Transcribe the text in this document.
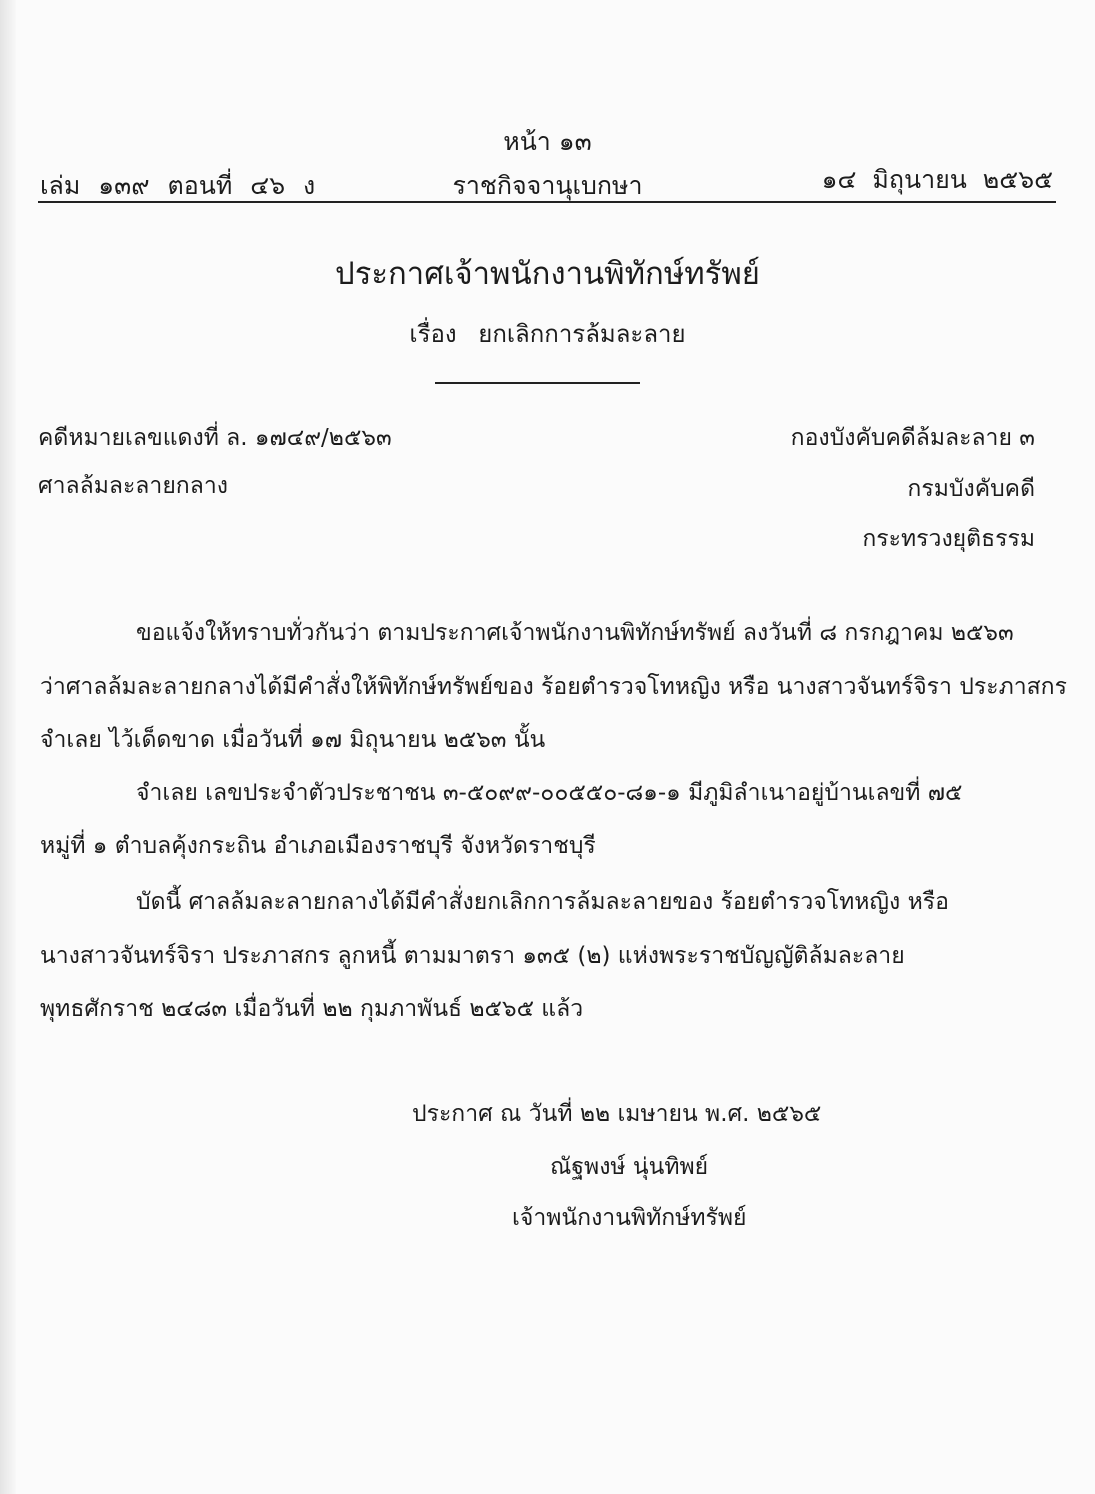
หน้า ๑๓
เล่ม ๑๓๙ ตอนที่ ๔๖ ง	ราชกิจจานุเบกษา	๑๔ มิถุนายน ๒๕๖๕
ประกาศเจ้าพนักงานพิทักษ์ทรัพย์
เรื่อง ยกเลิกการล้มละลาย
คดีหมายเลขแดงที่ ล. ๑๗๔๙/๒๕๖๓
ศาลล้มละลายกลาง
กองบังคับคดีล้มละลาย ๓
กรมบังคับคดี
กระทรวงยุติธรรม
ขอแจ้งให้ทราบทั่วกันว่า ตามประกาศเจ้าพนักงานพิทักษ์ทรัพย์ ลงวันที่ ๘ กรกฎาคม ๒๕๖๓
ว่าศาลล้มละลายกลางได้มีคำสั่งให้พิทักษ์ทรัพย์ของ ร้อยตำรวจโทหญิง หรือ นางสาวจันทร์จิรา ประภาสกร
จำเลย ไว้เด็ดขาด เมื่อวันที่ ๑๗ มิถุนายน ๒๕๖๓ นั้น
จำเลย เลขประจำตัวประชาชน ๓-๕๐๙๙-๐๐๕๕๐-๘๑-๑ มีภูมิลำเนาอยู่บ้านเลขที่ ๗๕
หมู่ที่ ๑ ตำบลคุ้งกระถิน อำเภอเมืองราชบุรี จังหวัดราชบุรี
บัดนี้ ศาลล้มละลายกลางได้มีคำสั่งยกเลิกการล้มละลายของ ร้อยตำรวจโทหญิง หรือ
นางสาวจันทร์จิรา ประภาสกร ลูกหนี้ ตามมาตรา ๑๓๕ (๒) แห่งพระราชบัญญัติล้มละลาย
พุทธศักราช ๒๔๘๓ เมื่อวันที่ ๒๒ กุมภาพันธ์ ๒๕๖๕ แล้ว
ประกาศ ณ วันที่ ๒๒ เมษายน พ.ศ. ๒๕๖๕
ณัฐพงษ์ นุ่นทิพย์
เจ้าพนักงานพิทักษ์ทรัพย์
